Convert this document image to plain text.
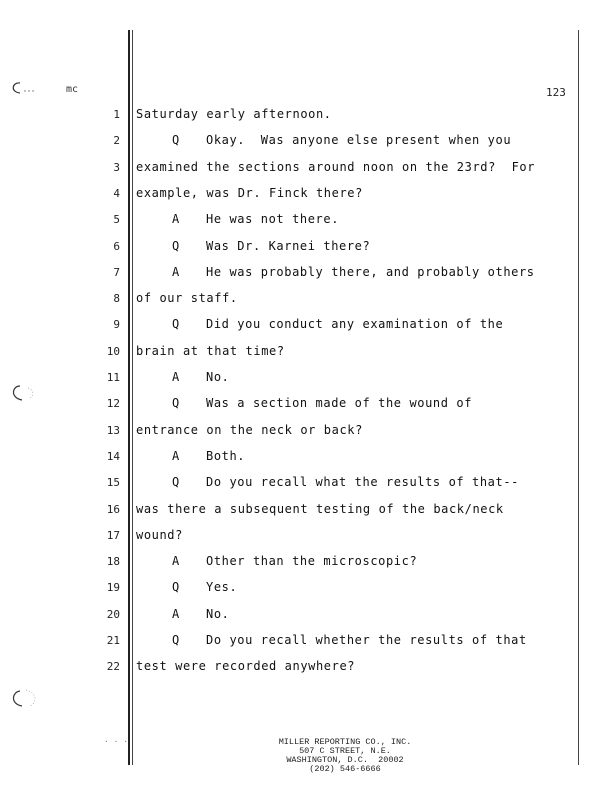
mc	123
1 Saturday early afternoon.
2	Q Okay.  Was anyone else present when you
3 examined the sections around noon on the 23rd?  For
4 example, was Dr. Finck there?
5	A He was not there.
6	Q Was Dr. Karnei there?
7	A He was probably there, and probably others
8 of our staff.
9	Q Did you conduct any examination of the
10 brain at that time?
11	A No.
12	Q Was a section made of the wound of
13 entrance on the neck or back?
14	A Both.
15	Q Do you recall what the results of that--
16 was there a subsequent testing of the back/neck
17 wound?
18	A Other than the microscopic?
19	Q Yes.
20	A No.
21	Q Do you recall whether the results of that
22 test were recorded anywhere?
· · ·	MILLER REPORTING CO., INC.
507 C STREET, N.E.
WASHINGTON, D.C.  20002
(202) 546-6666
